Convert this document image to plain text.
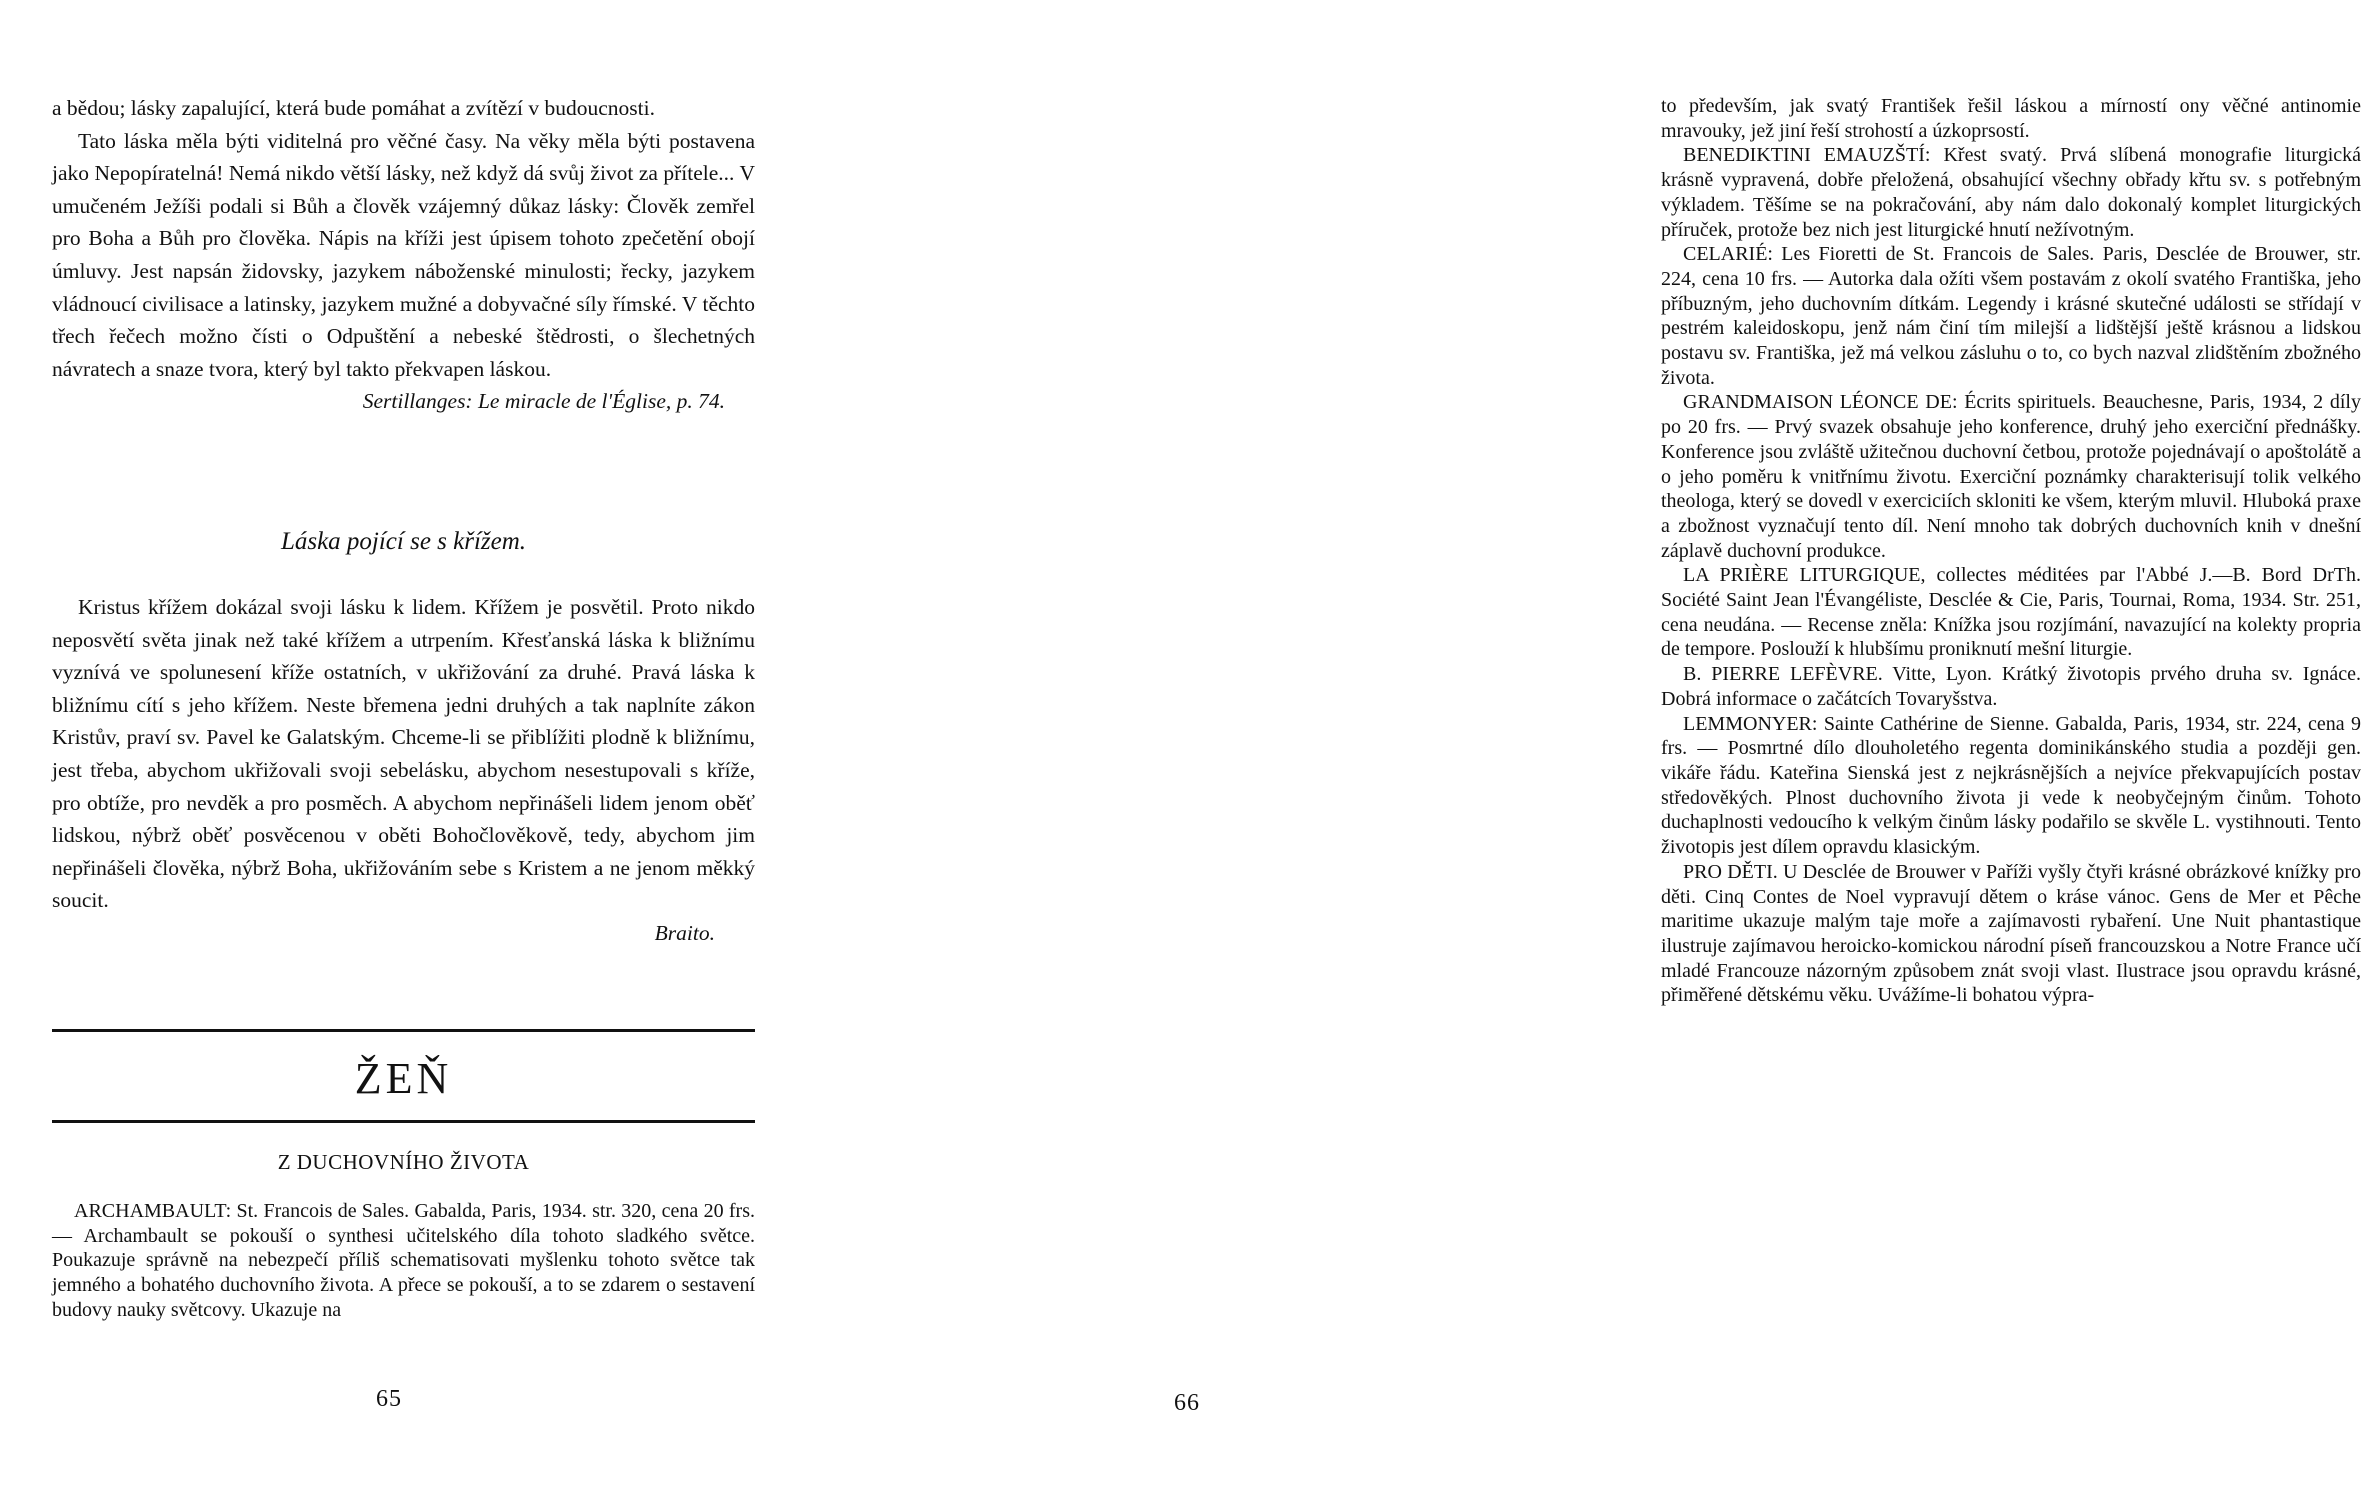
a bědou; lásky zapalující, která bude pomáhat a zvítězí v budoucnosti.

Tato láska měla býti viditelná pro věčné časy. Na věky měla býti postavena jako Nepopíratelná! Nemá nikdo větší lásky, než když dá svůj život za přítele... V umučeném Ježíši podali si Bůh a člověk vzájemný důkaz lásky: Člověk zemřel pro Boha a Bůh pro člověka. Nápis na kříži jest úpisem tohoto zpečetění obojí úmluvy. Jest napsán židovsky, jazykem náboženské minulosti; řecky, jazykem vládnoucí civilisace a latinsky, jazykem mužné a dobyvačné síly římské. V těchto třech řečech možno čísti o Odpuštění a nebeské štědrosti, o šlechetných návratech a snaze tvora, který byl takto překvapen láskou.

Sertillanges: Le miracle de l'Église, p. 74.

Láska pojící se s křížem.

Kristus křížem dokázal svoji lásku k lidem. Křížem je posvětil. Proto nikdo neposvětí světa jinak než také křížem a utrpením. Křesťanská láska k bližnímu vyznívá ve spolunesení kříže ostatních, v ukřižování za druhé. Pravá láska k bližnímu cítí s jeho křížem. Neste břemena jedni druhých a tak naplníte zákon Kristův, praví sv. Pavel ke Galatským. Chceme-li se přiblížiti plodně k bližnímu, jest třeba, abychom ukřižovali svoji sebelásku, abychom nesestupovali s kříže, pro obtíže, pro nevděk a pro posměch. A abychom nepřinášeli lidem jenom oběť lidskou, nýbrž oběť posvěcenou v oběti Bohočlověkově, tedy, abychom jim nepřinášeli člověka, nýbrž Boha, ukřižováním sebe s Kristem a ne jenom měkký soucit.

Braito.

ŽEŇ

Z DUCHOVNÍHO ŽIVOTA

ARCHAMBAULT: St. Francois de Sales. Gabalda, Paris, 1934. str. 320, cena 20 frs. — Archambault se pokouší o synthesi učitelského díla tohoto sladkého světce. Poukazuje správně na nebezpečí příliš schematisovati myšlenku tohoto světce tak jemného a bohatého duchovního života. A přece se pokouší, a to se zdarem o sestavení budovy nauky světcovy. Ukazuje na

65

to především, jak svatý František řešil láskou a mírností ony věčné antinomie mravouky, jež jiní řeší strohostí a úzkoprsostí.

BENEDIKTINI EMAUZŠTÍ: Křest svatý. Prvá slíbená monografie liturgická krásně vypravená, dobře přeložená, obsahující všechny obřady křtu sv. s potřebným výkladem. Těšíme se na pokračování, aby nám dalo dokonalý komplet liturgických příruček, protože bez nich jest liturgické hnutí nežívotným.

CELARIÉ: Les Fioretti de St. Francois de Sales. Paris, Desclée de Brouwer, str. 224, cena 10 frs. — Autorka dala ožíti všem postavám z okolí svatého Františka, jeho příbuzným, jeho duchovním dítkám. Legendy i krásné skutečné události se střídají v pestrém kaleidoskopu, jenž nám činí tím milejší a lidštější ještě krásnou a lidskou postavu sv. Františka, jež má velkou zásluhu o to, co bych nazval zlidštěním zbožného života.

GRANDMAISON LÉONCE DE: Écrits spirituels. Beauchesne, Paris, 1934, 2 díly po 20 frs. — Prvý svazek obsahuje jeho konference, druhý jeho exerciční přednášky. Konference jsou zvláště užitečnou duchovní četbou, protože pojednávají o apoštolátě a o jeho poměru k vnitřnímu životu. Exerciční poznámky charakterisují tolik velkého theologa, který se dovedl v exerciciích skloniti ke všem, kterým mluvil. Hluboká praxe a zbožnost vyznačují tento díl. Není mnoho tak dobrých duchovních knih v dnešní záplavě duchovní produkce.

LA PRIÈRE LITURGIQUE, collectes méditées par l'Abbé J.—B. Bord DrTh. Société Saint Jean l'Évangéliste, Desclée & Cie, Paris, Tournai, Roma, 1934. Str. 251, cena neudána. — Recense zněla: Knížka jsou rozjímání, navazující na kolekty propria de tempore. Poslouží k hlubšímu proniknutí mešní liturgie.

B. PIERRE LEFÈVRE. Vitte, Lyon. Krátký životopis prvého druha sv. Ignáce. Dobrá informace o začátcích Tovaryšstva.

LEMMONYER: Sainte Cathérine de Sienne. Gabalda, Paris, 1934, str. 224, cena 9 frs. — Posmrtné dílo dlouholetého regenta dominikánského studia a později gen. vikáře řádu. Kateřina Sienská jest z nejkrásnějších a nejvíce překvapujících postav středověkých. Plnost duchovního života ji vede k neobyčejným činům. Tohoto duchaplnosti vedoucího k velkým činům lásky podařilo se skvěle L. vystihnouti. Tento životopis jest dílem opravdu klasickým.

PRO DĚTI. U Desclée de Brouwer v Paříži vyšly čtyři krásné obrázkové knížky pro děti. Cinq Contes de Noel vypravují dětem o kráse vánoc. Gens de Mer et Pêche maritime ukazuje malým taje moře a zajímavosti rybaření. Une Nuit phantastique ilustruje zajímavou heroicko-komickou národní píseň francouzskou a Notre France učí mladé Francouze názorným způsobem znát svoji vlast. Ilustrace jsou opravdu krásné, přiměřené dětskému věku. Uvážíme-li bohatou výpra-

66
